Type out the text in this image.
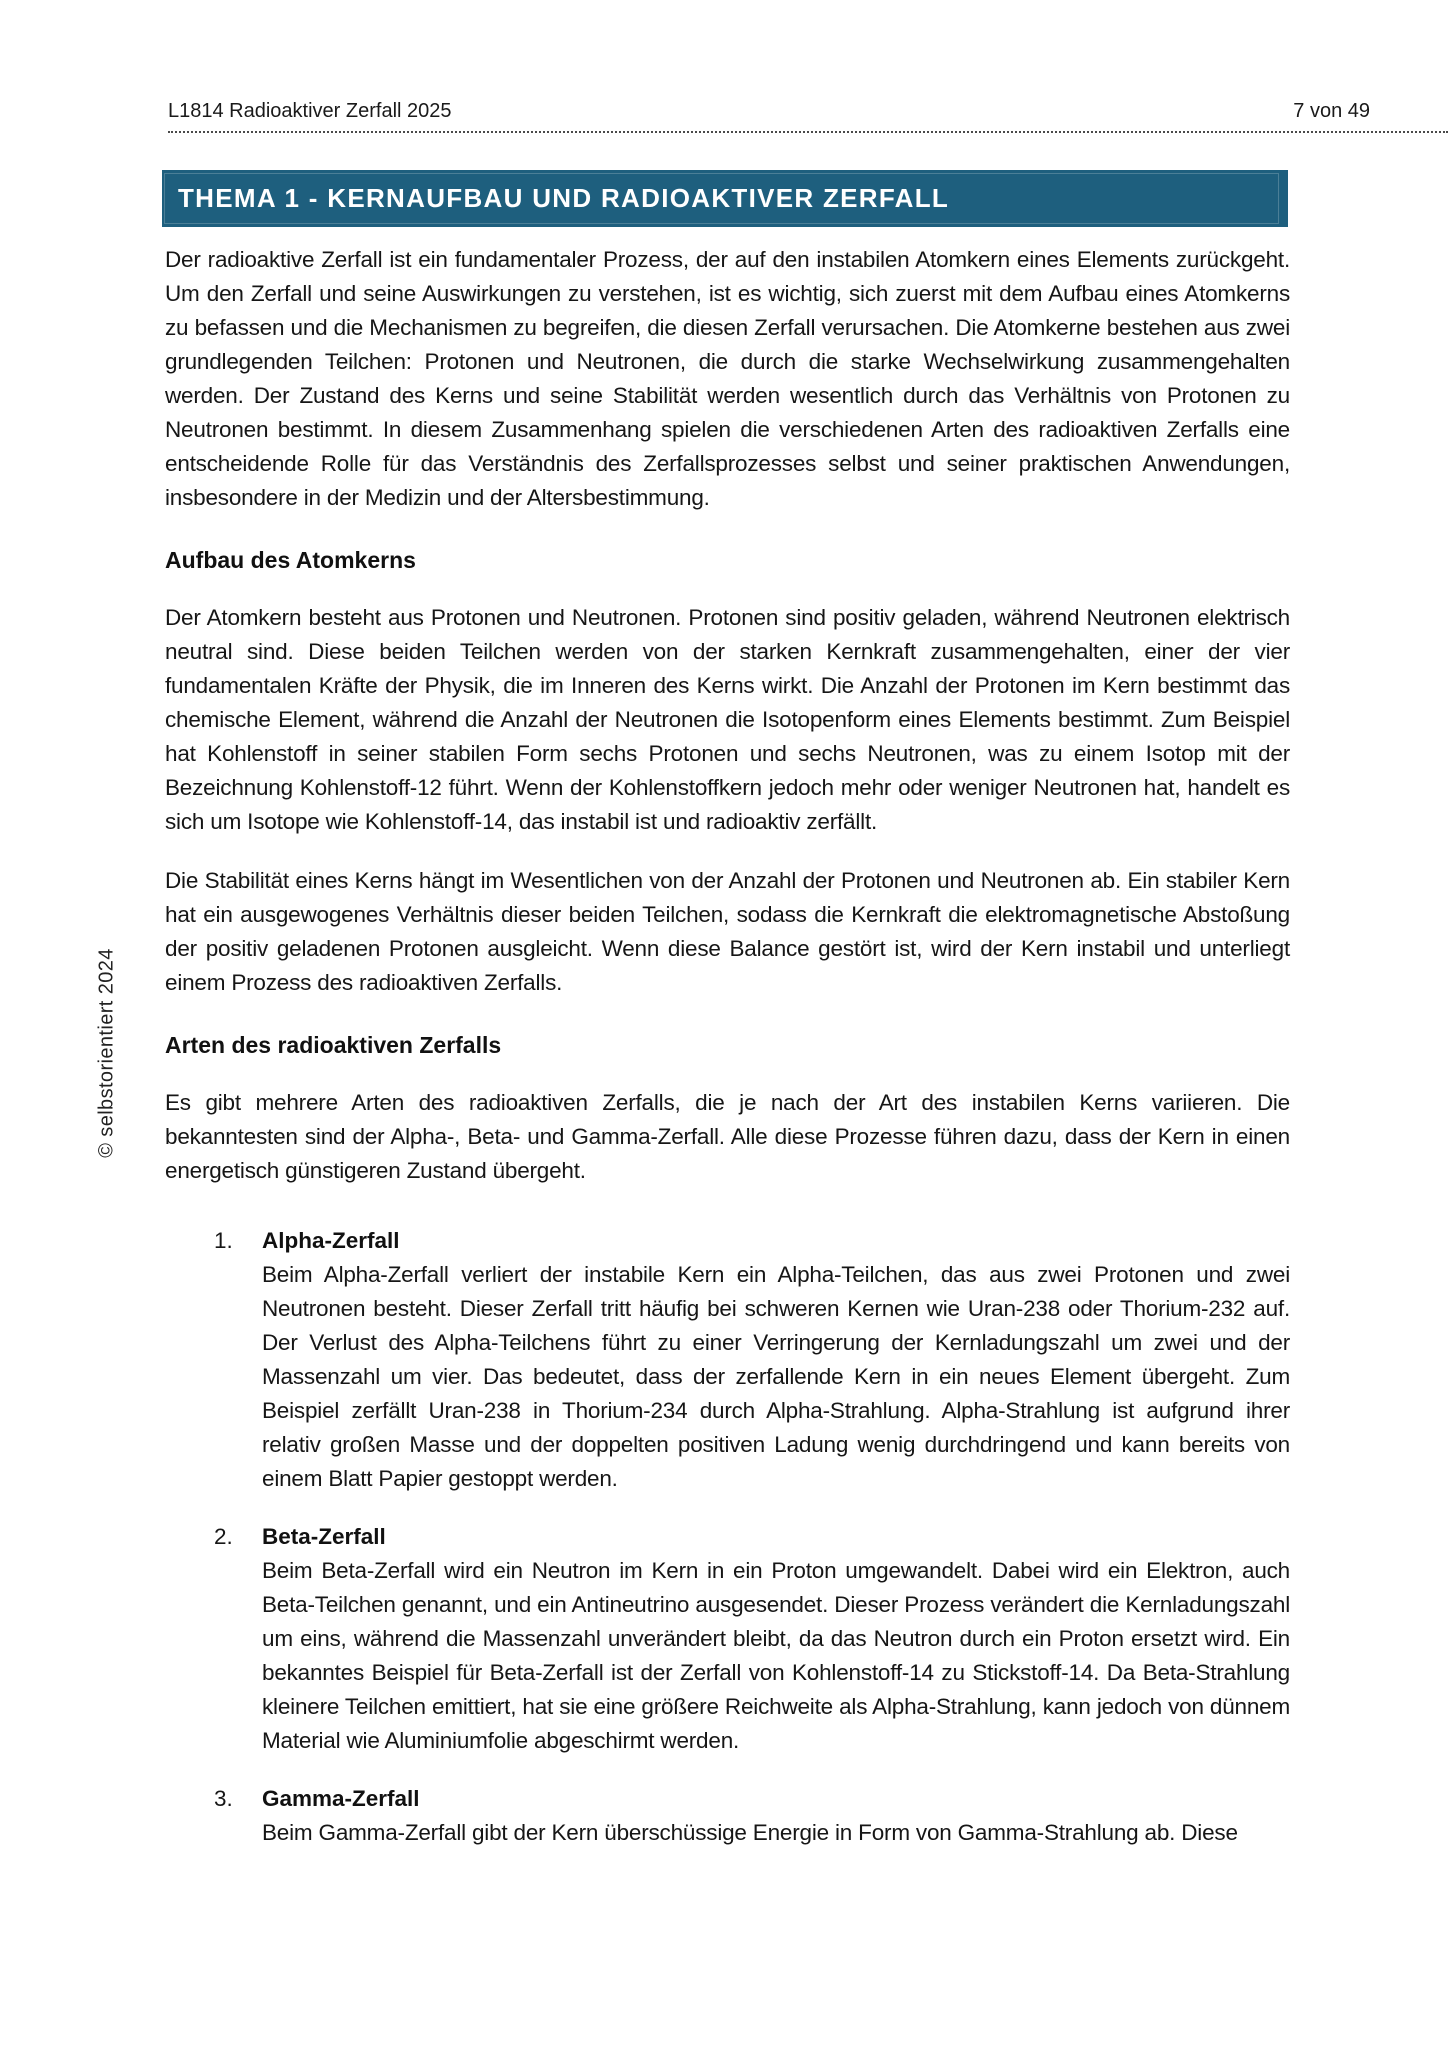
L1814 Radioaktiver Zerfall 2025	7 von 49
THEMA 1 - KERNAUFBAU UND RADIOAKTIVER ZERFALL
© selbstorientiert 2024

Der radioaktive Zerfall ist ein fundamentaler Prozess, der auf den instabilen Atomkern eines Elements zurückgeht. Um den Zerfall und seine Auswirkungen zu verstehen, ist es wichtig, sich zuerst mit dem Aufbau eines Atomkerns zu befassen und die Mechanismen zu begreifen, die diesen Zerfall verursachen. Die Atomkerne bestehen aus zwei grundlegenden Teilchen: Protonen und Neutronen, die durch die starke Wechselwirkung zusammengehalten werden. Der Zustand des Kerns und seine Stabilität werden wesentlich durch das Verhältnis von Protonen zu Neutronen bestimmt. In diesem Zusammenhang spielen die verschiedenen Arten des radioaktiven Zerfalls eine entscheidende Rolle für das Verständnis des Zerfallsprozesses selbst und seiner praktischen Anwendungen, insbesondere in der Medizin und der Altersbestimmung.

Aufbau des Atomkerns

Der Atomkern besteht aus Protonen und Neutronen. Protonen sind positiv geladen, während Neutronen elektrisch neutral sind. Diese beiden Teilchen werden von der starken Kernkraft zusammengehalten, einer der vier fundamentalen Kräfte der Physik, die im Inneren des Kerns wirkt. Die Anzahl der Protonen im Kern bestimmt das chemische Element, während die Anzahl der Neutronen die Isotopenform eines Elements bestimmt. Zum Beispiel hat Kohlenstoff in seiner stabilen Form sechs Protonen und sechs Neutronen, was zu einem Isotop mit der Bezeichnung Kohlenstoff-12 führt. Wenn der Kohlenstoffkern jedoch mehr oder weniger Neutronen hat, handelt es sich um Isotope wie Kohlenstoff-14, das instabil ist und radioaktiv zerfällt.

Die Stabilität eines Kerns hängt im Wesentlichen von der Anzahl der Protonen und Neutronen ab. Ein stabiler Kern hat ein ausgewogenes Verhältnis dieser beiden Teilchen, sodass die Kernkraft die elektromagnetische Abstoßung der positiv geladenen Protonen ausgleicht. Wenn diese Balance gestört ist, wird der Kern instabil und unterliegt einem Prozess des radioaktiven Zerfalls.

Arten des radioaktiven Zerfalls

Es gibt mehrere Arten des radioaktiven Zerfalls, die je nach der Art des instabilen Kerns variieren. Die bekanntesten sind der Alpha-, Beta- und Gamma-Zerfall. Alle diese Prozesse führen dazu, dass der Kern in einen energetisch günstigeren Zustand übergeht.

1. Alpha-Zerfall

Beim Alpha-Zerfall verliert der instabile Kern ein Alpha-Teilchen, das aus zwei Protonen und zwei Neutronen besteht. Dieser Zerfall tritt häufig bei schweren Kernen wie Uran-238 oder Thorium-232 auf. Der Verlust des Alpha-Teilchens führt zu einer Verringerung der Kernladungszahl um zwei und der Massenzahl um vier. Das bedeutet, dass der zerfallende Kern in ein neues Element übergeht. Zum Beispiel zerfällt Uran-238 in Thorium-234 durch Alpha-Strahlung. Alpha-Strahlung ist aufgrund ihrer relativ großen Masse und der doppelten positiven Ladung wenig durchdringend und kann bereits von einem Blatt Papier gestoppt werden.

2. Beta-Zerfall

Beim Beta-Zerfall wird ein Neutron im Kern in ein Proton umgewandelt. Dabei wird ein Elektron, auch Beta-Teilchen genannt, und ein Antineutrino ausgesendet. Dieser Prozess verändert die Kernladungszahl um eins, während die Massenzahl unverändert bleibt, da das Neutron durch ein Proton ersetzt wird. Ein bekanntes Beispiel für Beta-Zerfall ist der Zerfall von Kohlenstoff-14 zu Stickstoff-14. Da Beta-Strahlung kleinere Teilchen emittiert, hat sie eine größere Reichweite als Alpha-Strahlung, kann jedoch von dünnem Material wie Aluminiumfolie abgeschirmt werden.

3. Gamma-Zerfall

Beim Gamma-Zerfall gibt der Kern überschüssige Energie in Form von Gamma-Strahlung ab. Diese
